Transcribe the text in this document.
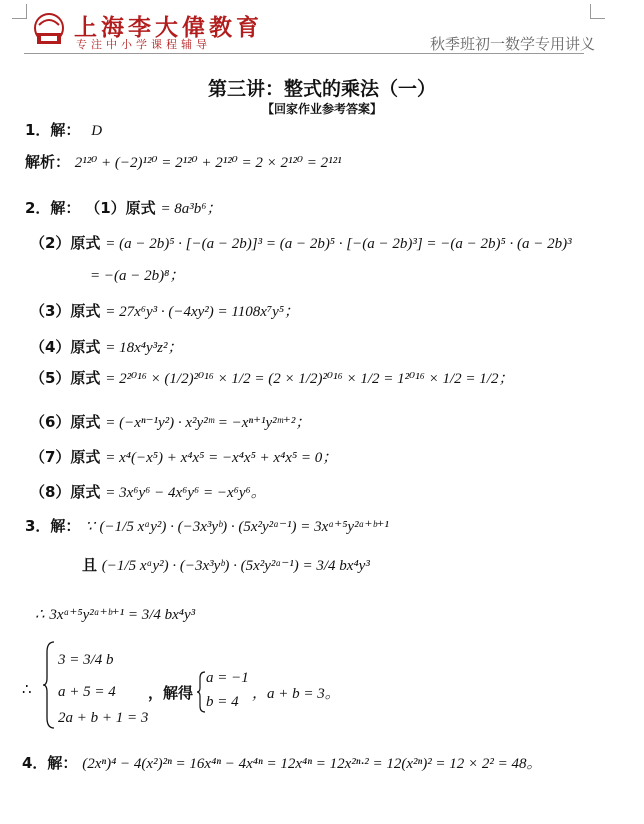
上海李大偉教育
专注中小学课程辅导	秋季班初一数学专用讲义
第三讲：整式的乘法（一）
【回家作业参考答案】
1．解： D
解析： 2¹²⁰ + (−2)¹²⁰ = 2¹²⁰ + 2¹²⁰ = 2 × 2¹²⁰ = 2¹²¹
2．解： （1）原式 = 8a³b⁶；
（2）原式 = (a − 2b)⁵ · [−(a − 2b)]³ = (a − 2b)⁵ · [−(a − 2b)³] = −(a − 2b)⁵ · (a − 2b)³
= −(a − 2b)⁸；
（3）原式 = 27x⁶y³ · (−4xy²) = 1108x⁷y⁵；
（4）原式 = 18x⁴y³z²；
（5）原式 = 2²⁰¹⁶ × (1/2)²⁰¹⁶ × 1/2 = (2 × 1/2)²⁰¹⁶ × 1/2 = 1²⁰¹⁶ × 1/2 = 1/2；
（6）原式 = (−xⁿ⁻¹y²) · x²y²ᵐ = −xⁿ⁺¹y²ᵐ⁺²；
（7）原式 = x⁴(−x⁵) + x⁴x⁵ = −x⁴x⁵ + x⁴x⁵ = 0；
（8）原式 = 3x⁶y⁶ − 4x⁶y⁶ = −x⁶y⁶。
3．解： ∵ (−1/5 xᵃy²) · (−3x³yᵇ) · (5x²y²ᵃ⁻¹) = 3xᵃ⁺⁵y²ᵃ⁺ᵇ⁺¹
且 (−1/5 xᵃy²) · (−3x³yᵇ) · (5x²y²ᵃ⁻¹) = 3/4 bx⁴y³
∴ 3xᵃ⁺⁵y²ᵃ⁺ᵇ⁺¹ = 3/4 bx⁴y³
∴
3 = 3/4 b
a + 5 = 4
2a + b + 1 = 3
，解得
a = −1
b = 4 ，a + b = 3。
4．解： (2xⁿ)⁴ − 4(x²)²ⁿ = 16x⁴ⁿ − 4x⁴ⁿ = 12x⁴ⁿ = 12x²ⁿ·² = 12(x²ⁿ)² = 12 × 2² = 48。
